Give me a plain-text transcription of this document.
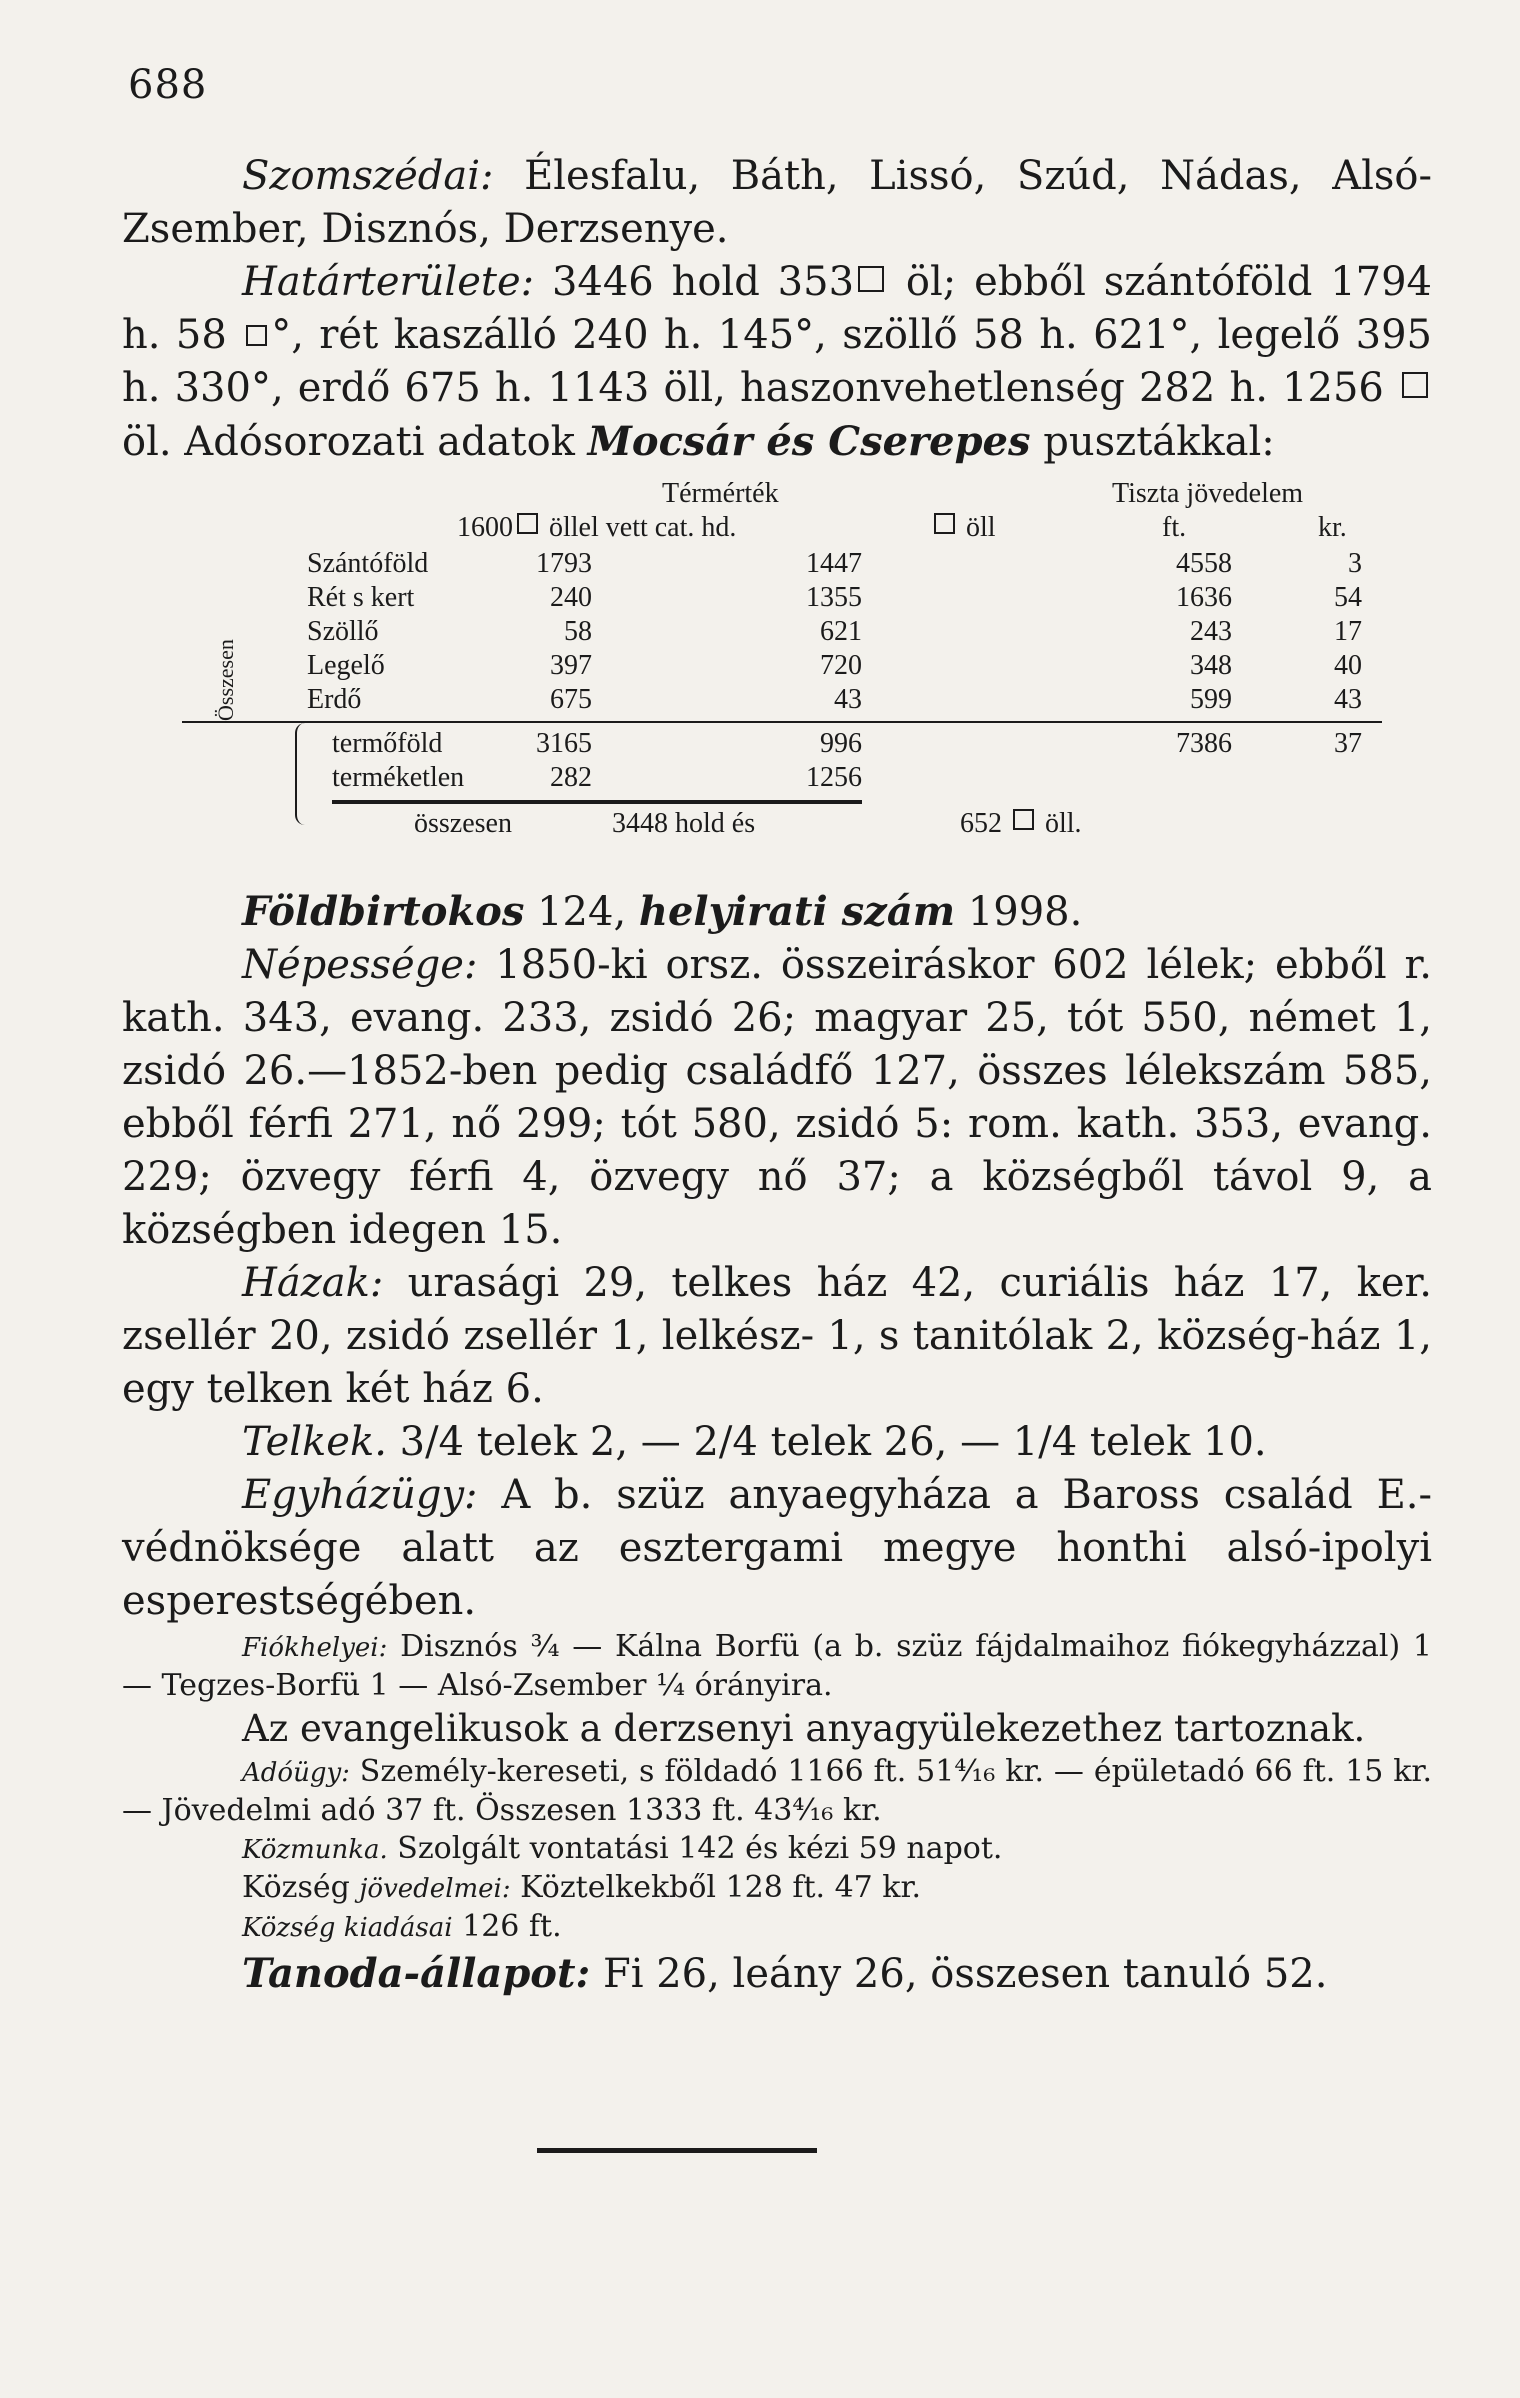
688

Szomszédai: Élesfalu, Báth, Lissó, Szúd, Nádas, Alsó-Zsember, Disznós, Derzsenye.

Határterülete: 3446 hold 353 öl; ebből szántóföld 1794 h. 58 °, rét kaszálló 240 h. 145°, szöllő 58 h. 621°, legelő 395 h. 330°, erdő 675 h. 1143 öll, haszonvehetlenség 282 h. 1256 öl. Adósorozati adatok Mocsár és Cserepes pusztákkal:

Térmérték	Tiszta jövedelem
1600 öllel vett cat. hd.	öll	ft.	kr.
Szántóföld	1793	1447	4558	3
Rét s kert	240	1355	1636	54
Szöllő	58	621	243	17
Legelő	397	720	348	40
Erdő	675	43	599	43
Összesen
termőföld	3165	996	7386	37
terméketlen	282	1256
összesen	3448 hold és	652 öll.

Földbirtokos 124, helyirati szám 1998.

Népessége: 1850-ki orsz. összeiráskor 602 lélek; ebből r. kath. 343, evang. 233, zsidó 26; magyar 25, tót 550, német 1, zsidó 26.—1852-ben pedig családfő 127, összes lélekszám 585, ebből férfi 271, nő 299; tót 580, zsidó 5: rom. kath. 353, evang. 229; özvegy férfi 4, özvegy nő 37; a községből távol 9, a községben idegen 15.

Házak: urasági 29, telkes ház 42, curiális ház 17, ker. zsellér 20, zsidó zsellér 1, lelkész- 1, s tanitólak 2, község-ház 1, egy telken két ház 6.

Telkek. 3/4 telek 2, — 2/4 telek 26, — 1/4 telek 10.

Egyházügy: A b. szüz anyaegyháza a Baross család E.-védnöksége alatt az esztergami megye honthi alsó-ipolyi esperestségében.

Fiókhelyei: Disznós ¾ — Kálna Borfü (a b. szüz fájdalmaihoz fiókegyházzal) 1 — Tegzes-Borfü 1 — Alsó-Zsember ¼ órányira.

Az evangelikusok a derzsenyi anyagyülekezethez tartoznak.

Adóügy: Személy-kereseti, s földadó 1166 ft. 51⁴⁄₁₆ kr. — épületadó 66 ft. 15 kr.— Jövedelmi adó 37 ft. Összesen 1333 ft. 43⁴⁄₁₆ kr.

Közmunka. Szolgált vontatási 142 és kézi 59 napot.

Község jövedelmei: Köztelkekből 128 ft. 47 kr.

Község kiadásai 126 ft.

Tanoda-állapot: Fi 26, leány 26, összesen tanuló 52.
